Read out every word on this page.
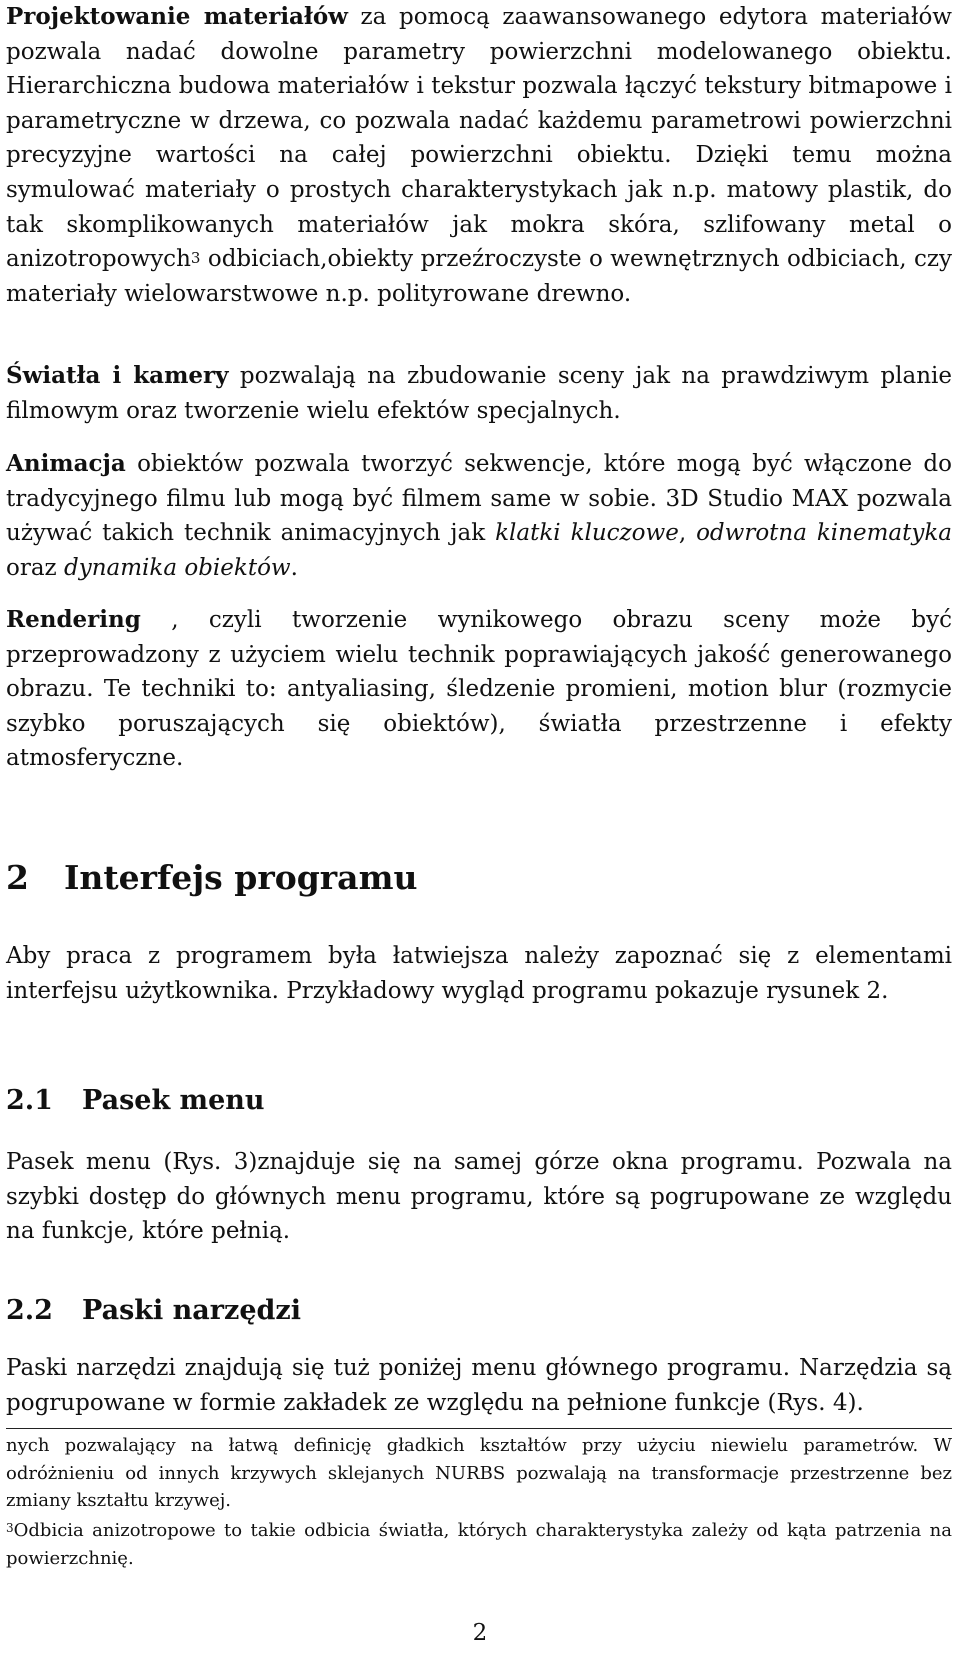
Projektowanie materiałów za pomocą zaawansowanego edytora materiałów pozwala nadać dowolne parametry powierzchni modelowanego obiektu. Hierarchiczna budowa materiałów i tekstur pozwala łączyć tekstury bitmapowe i parametryczne w drzewa, co pozwala nadać każdemu parametrowi powierzchni precyzyjne wartości na całej powierzchni obiektu. Dzięki temu można symulować materiały o prostych charakterystykach jak n.p. matowy plastik, do tak skomplikowanych materiałów jak mokra skóra, szlifowany metal o anizotropowych$^3$ odbiciach,obiekty przeźroczyste o wewnętrznych odbiciach, czy materiały wielowarstwowe n.p. polityrowane drewno.

Światła i kamery pozwalają na zbudowanie sceny jak na prawdziwym planie filmowym oraz tworzenie wielu efektów specjalnych.

Animacja obiektów pozwala tworzyć sekwencje, które mogą być włączone do tradycyjnego filmu lub mogą być filmem same w sobie. 3D Studio MAX pozwala używać takich technik animacyjnych jak klatki kluczowe, odwrotna kinematyka oraz dynamika obiektów.

Rendering , czyli tworzenie wynikowego obrazu sceny może być przeprowadzony z użyciem wielu technik poprawiających jakość generowanego obrazu. Te techniki to: antyaliasing, śledzenie promieni, motion blur (rozmycie szybko poruszających się obiektów), światła przestrzenne i efekty atmosferyczne.

2 Interfejs programu

Aby praca z programem była łatwiejsza należy zapoznać się z elementami interfejsu użytkownika. Przykładowy wygląd programu pokazuje rysunek 2.

2.1 Pasek menu

Pasek menu (Rys. 3)znajduje się na samej górze okna programu. Pozwala na szybki dostęp do głównych menu programu, które są pogrupowane ze względu na funkcje, które pełnią.

2.2 Paski narzędzi

Paski narzędzi znajdują się tuż poniżej menu głównego programu. Narzędzia są pogrupowane w formie zakładek ze względu na pełnione funkcje (Rys. 4).

nych pozwalający na łatwą definicję gładkich kształtów przy użyciu niewielu parametrów. W odróżnieniu od innych krzywych sklejanych NURBS pozwalają na transformacje przestrzenne bez zmiany kształtu krzywej.

$^3$Odbicia anizotropowe to takie odbicia światła, których charakterystyka zależy od kąta patrzenia na powierzchnię.

2
